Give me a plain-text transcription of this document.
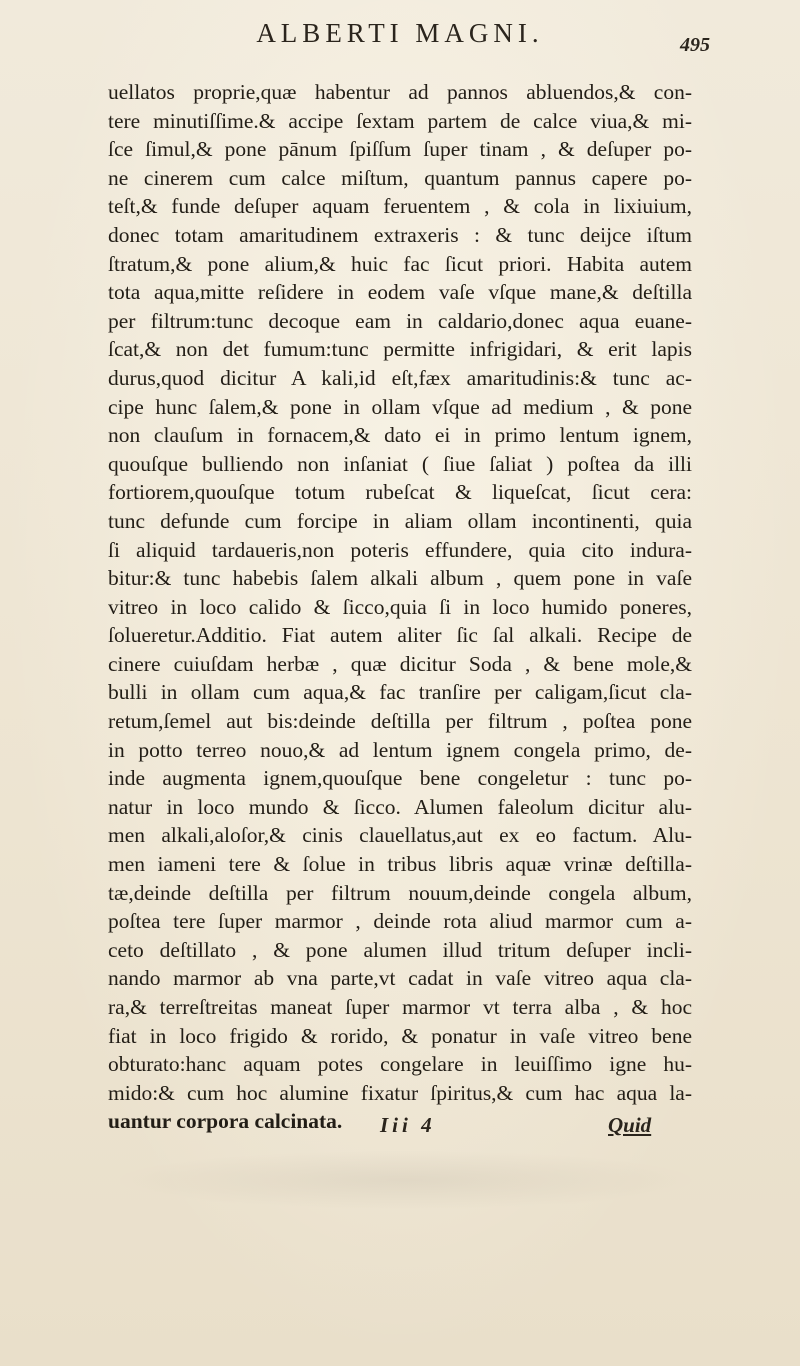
ALBERTI MAGNI.	495
uellatos proprie,quæ habentur ad pannos abluendos,& con-
tere minutiſſime.& accipe ſextam partem de calce viua,& mi-
ſce ſimul,& pone pānum ſpiſſum ſuper tinam , & deſuper po-
ne cinerem cum calce miſtum, quantum pannus capere po-
teſt,& funde deſuper aquam feruentem , & cola in lixiuium,
donec totam amaritudinem extraxeris : & tunc deijce iſtum
ſtratum,& pone alium,& huic fac ſicut priori. Habita autem
tota aqua,mitte reſidere in eodem vaſe vſque mane,& deſtilla
per filtrum:tunc decoque eam in caldario,donec aqua euane-
ſcat,& non det fumum:tunc permitte infrigidari, & erit lapis
durus,quod dicitur A kali,id eſt,fæx amaritudinis:& tunc ac-
cipe hunc ſalem,& pone in ollam vſque ad medium , & pone
non clauſum in fornacem,& dato ei in primo lentum ignem,
quouſque bulliendo non inſaniat ( ſiue ſaliat ) poſtea da illi
fortiorem,quouſque totum rubeſcat & liqueſcat, ſicut cera:
tunc defunde cum forcipe in aliam ollam incontinenti, quia
ſi aliquid tardaueris,non poteris effundere, quia cito indura-
bitur:& tunc habebis ſalem alkali album , quem pone in vaſe
vitreo in loco calido & ſicco,quia ſi in loco humido poneres,
ſolueretur.Additio. Fiat autem aliter ſic ſal alkali. Recipe de
cinere cuiuſdam herbæ , quæ dicitur Soda , & bene mole,&
bulli in ollam cum aqua,& fac tranſire per caligam,ſicut cla-
retum,ſemel aut bis:deinde deſtilla per filtrum , poſtea pone
in potto terreo nouo,& ad lentum ignem congela primo, de-
inde augmenta ignem,quouſque bene congeletur : tunc po-
natur in loco mundo & ſicco. Alumen faleolum dicitur alu-
men alkali,aloſor,& cinis clauellatus,aut ex eo factum. Alu-
men iameni tere & ſolue in tribus libris aquæ vrinæ deſtilla-
tæ,deinde deſtilla per filtrum nouum,deinde congela album,
poſtea tere ſuper marmor , deinde rota aliud marmor cum a-
ceto deſtillato , & pone alumen illud tritum deſuper incli-
nando marmor ab vna parte,vt cadat in vaſe vitreo aqua cla-
ra,& terreſtreitas maneat ſuper marmor vt terra alba , & hoc
fiat in loco frigido & rorido, & ponatur in vaſe vitreo bene
obturato:hanc aquam potes congelare in leuiſſimo igne hu-
mido:& cum hoc alumine fixatur ſpiritus,& cum hac aqua la-
uantur corpora calcinata.	Iii 4	Quid
